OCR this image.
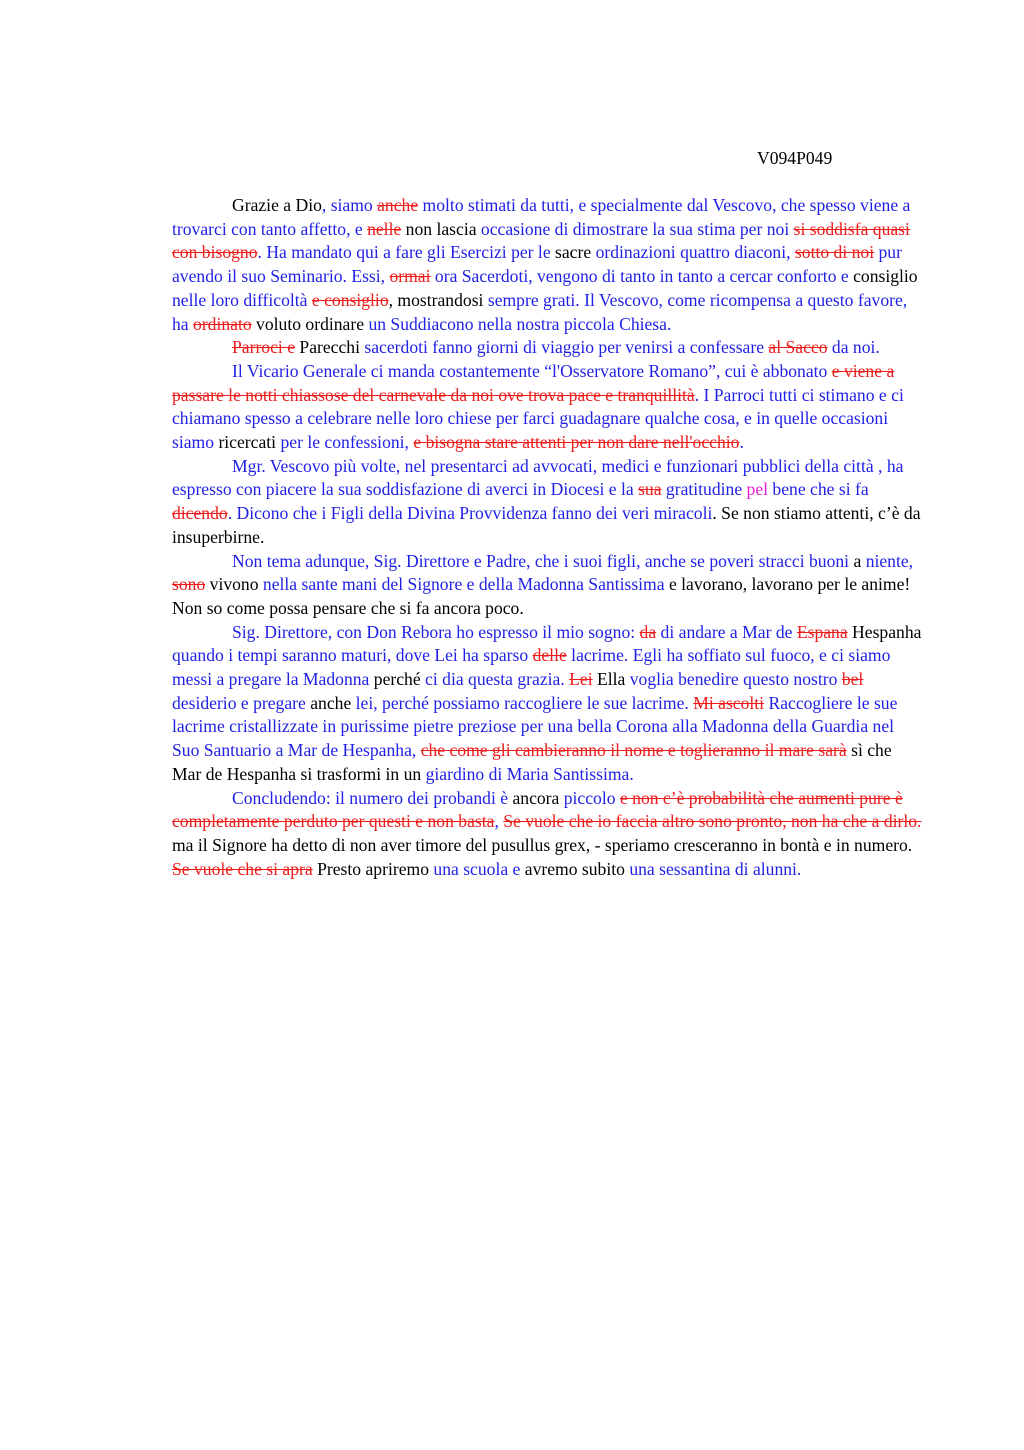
V094P049

Grazie a Dio, siamo anche molto stimati da tutti, e specialmente dal Vescovo, che spesso viene a trovarci con tanto affetto, e nelle non lascia occasione di dimostrare la sua stima per noi si soddisfa quasi con bisogno. Ha mandato qui a fare gli Esercizi per le sacre ordinazioni quattro diaconi, sotto di noi pur avendo il suo Seminario. Essi, ormai ora Sacerdoti, vengono di tanto in tanto a cercar conforto e consiglio nelle loro difficoltà e consiglio, mostrandosi sempre grati. Il Vescovo, come ricompensa a questo favore, ha ordinato voluto ordinare un Suddiacono nella nostra piccola Chiesa.

Parroci e Parecchi sacerdoti fanno giorni di viaggio per venirsi a confessare al Sacco da noi.

Il Vicario Generale ci manda costantemente “l'Osservatore Romano”, cui è abbonato e viene a passare le notti chiassose del carnevale da noi ove trova pace e tranquillità. I Parroci tutti ci stimano e ci chiamano spesso a celebrare nelle loro chiese per farci guadagnare qualche cosa, e in quelle occasioni siamo ricercati per le confessioni, e bisogna stare attenti per non dare nell'occhio.

Mgr. Vescovo più volte, nel presentarci ad avvocati, medici e funzionari pubblici della città , ha espresso con piacere la sua soddisfazione di averci in Diocesi e la sua gratitudine pel bene che si fa dicendo. Dicono che i Figli della Divina Provvidenza fanno dei veri miracoli. Se non stiamo attenti, c’è da insuperbirne.

Non tema adunque, Sig. Direttore e Padre, che i suoi figli, anche se poveri stracci buoni a niente, sono vivono nella sante mani del Signore e della Madonna Santissima e lavorano, lavorano per le anime! Non so come possa pensare che si fa ancora poco.

Sig. Direttore, con Don Rebora ho espresso il mio sogno: da di andare a Mar de Espana Hespanha quando i tempi saranno maturi, dove Lei ha sparso delle lacrime. Egli ha soffiato sul fuoco, e ci siamo messi a pregare la Madonna perché ci dia questa grazia. Lei Ella voglia benedire questo nostro bel desiderio e pregare anche lei, perché possiamo raccogliere le sue lacrime. Mi ascolti Raccogliere le sue lacrime cristallizzate in purissime pietre preziose per una bella Corona alla Madonna della Guardia nel Suo Santuario a Mar de Hespanha, che come gli cambieranno il nome e toglieranno il mare sarà sì che Mar de Hespanha si trasformi in un giardino di Maria Santissima.

Concludendo: il numero dei probandi è ancora piccolo e non c’è probabilità che aumenti pure è completamente perduto per questi e non basta, Se vuole che io faccia altro sono pronto, non ha che a dirlo. ma il Signore ha detto di non aver timore del pusullus grex, - speriamo cresceranno in bontà e in numero. Se vuole che si apra Presto apriremo una scuola e avremo subito una sessantina di alunni.
